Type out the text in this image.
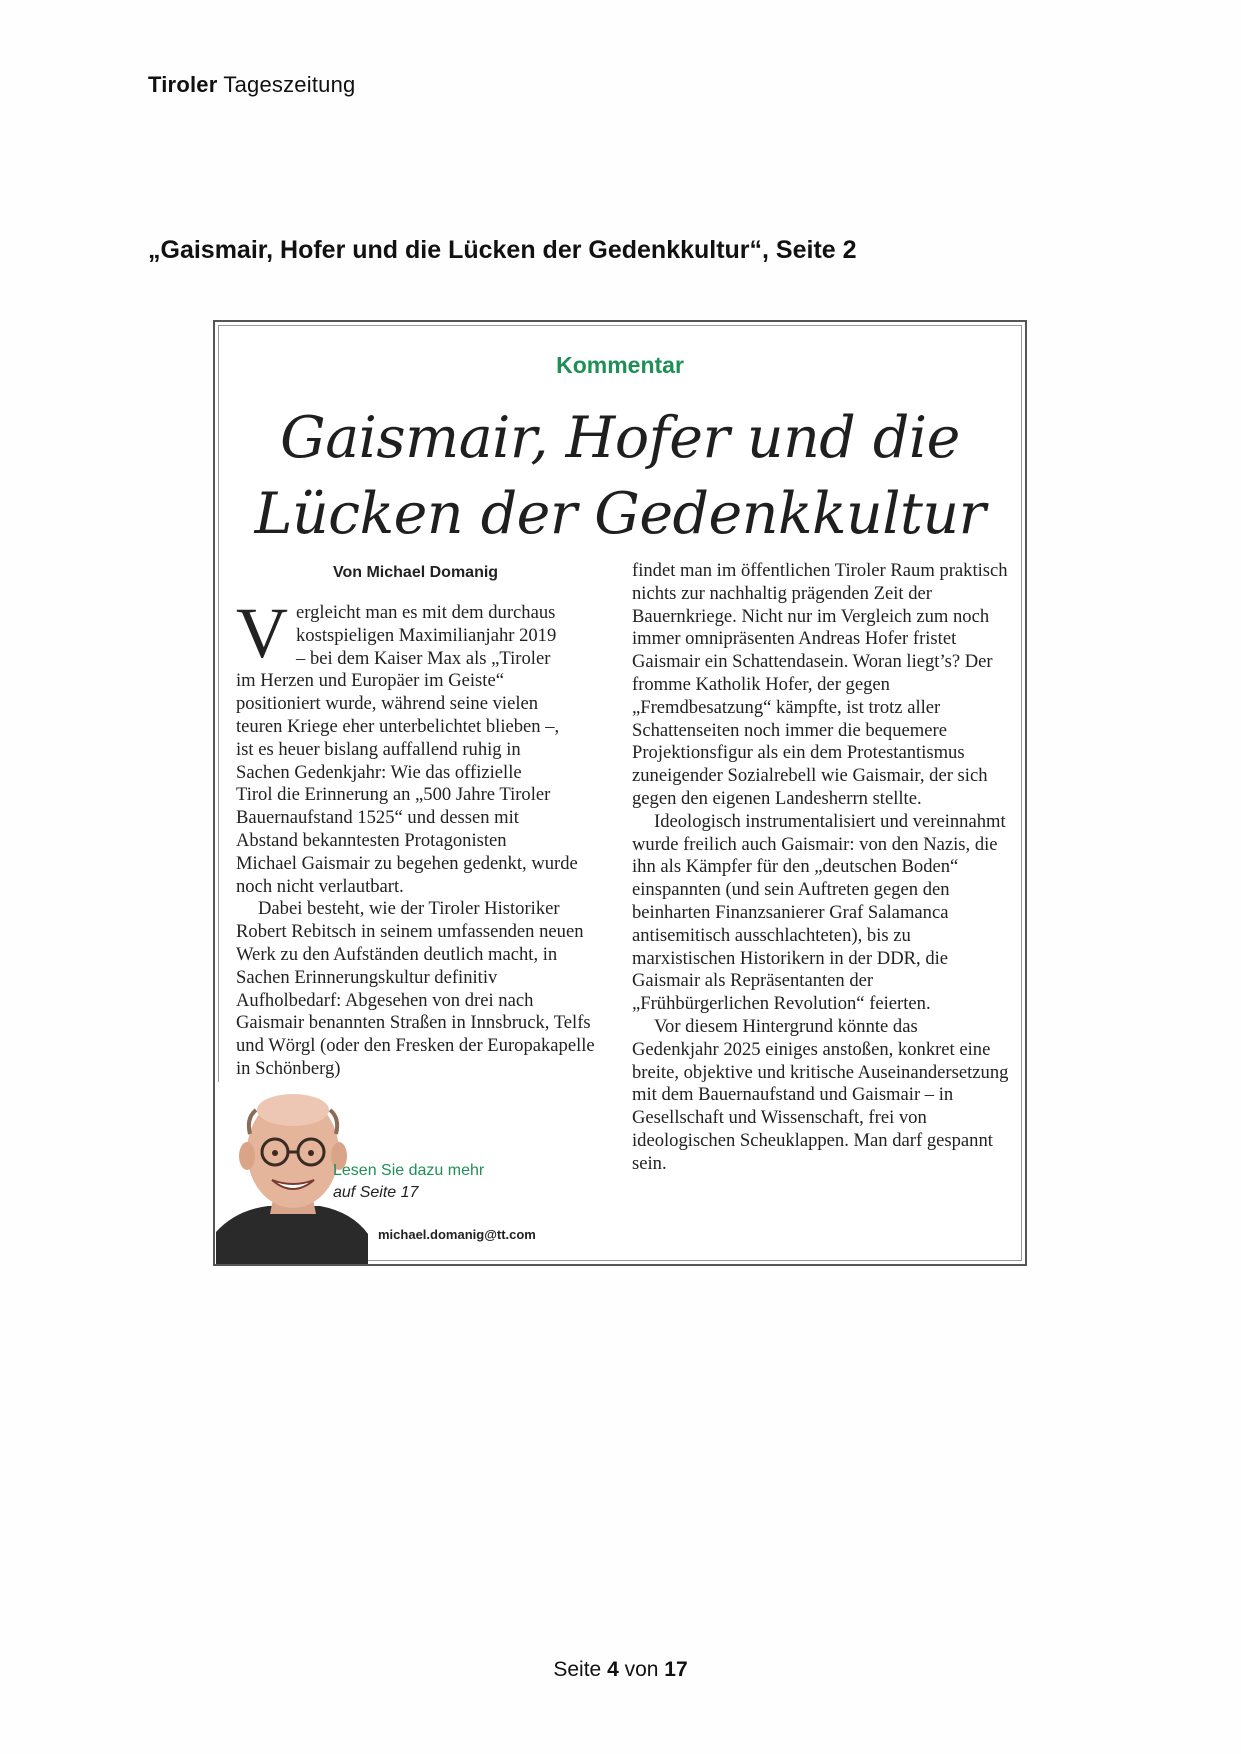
Tiroler Tageszeitung
„Gaismair, Hofer und die Lücken der Gedenkkultur“, Seite 2
Kommentar
Gaismair, Hofer und die
Lücken der Gedenkkultur
Von Michael Domanig
V ergleicht man es mit dem durchaus kostspieligen Maximilianjahr 2019 – bei dem Kaiser Max als „Tiroler im Herzen und Europäer im Geiste“ positioniert wurde, während seine vielen teuren Kriege eher unterbelichtet blieben –, ist es heuer bislang auffallend ruhig in Sachen Gedenkjahr: Wie das offizielle Tirol die Erinnerung an „500 Jahre Tiroler Bauernaufstand 1525“ und dessen mit Abstand bekanntesten Protagonisten Michael Gaismair zu begehen gedenkt, wurde noch nicht verlautbart.

Dabei besteht, wie der Tiroler Historiker Robert Rebitsch in seinem umfassenden neuen Werk zu den Aufständen deutlich macht, in Sachen Erinnerungskultur definitiv Aufholbedarf: Abgesehen von drei nach Gaismair benannten Straßen in Innsbruck, Telfs und Wörgl (oder den Fresken der Europakapelle in Schönberg)

Lesen Sie dazu mehr
auf Seite 17
michael.domanig@tt.com

findet man im öffentlichen Tiroler Raum praktisch nichts zur nachhaltig prägenden Zeit der Bauernkriege. Nicht nur im Vergleich zum noch immer omnipräsenten Andreas Hofer fristet Gaismair ein Schattendasein. Woran liegt’s? Der fromme Katholik Hofer, der gegen „Fremdbesatzung“ kämpfte, ist trotz aller Schattenseiten noch immer die bequemere Projektionsfigur als ein dem Protestantismus zuneigender Sozialrebell wie Gaismair, der sich gegen den eigenen Landesherrn stellte.

Ideologisch instrumentalisiert und vereinnahmt wurde freilich auch Gaismair: von den Nazis, die ihn als Kämpfer für den „deutschen Boden“ einspannten (und sein Auftreten gegen den beinharten Finanzsanierer Graf Salamanca antisemitisch ausschlachteten), bis zu marxistischen Historikern in der DDR, die Gaismair als Repräsentanten der „Frühbürgerlichen Revolution“ feierten.

Vor diesem Hintergrund könnte das Gedenkjahr 2025 einiges anstoßen, konkret eine breite, objektive und kritische Auseinandersetzung mit dem Bauernaufstand und Gaismair – in Gesellschaft und Wissenschaft, frei von ideologischen Scheuklappen. Man darf gespannt sein.

Seite 4 von 17
